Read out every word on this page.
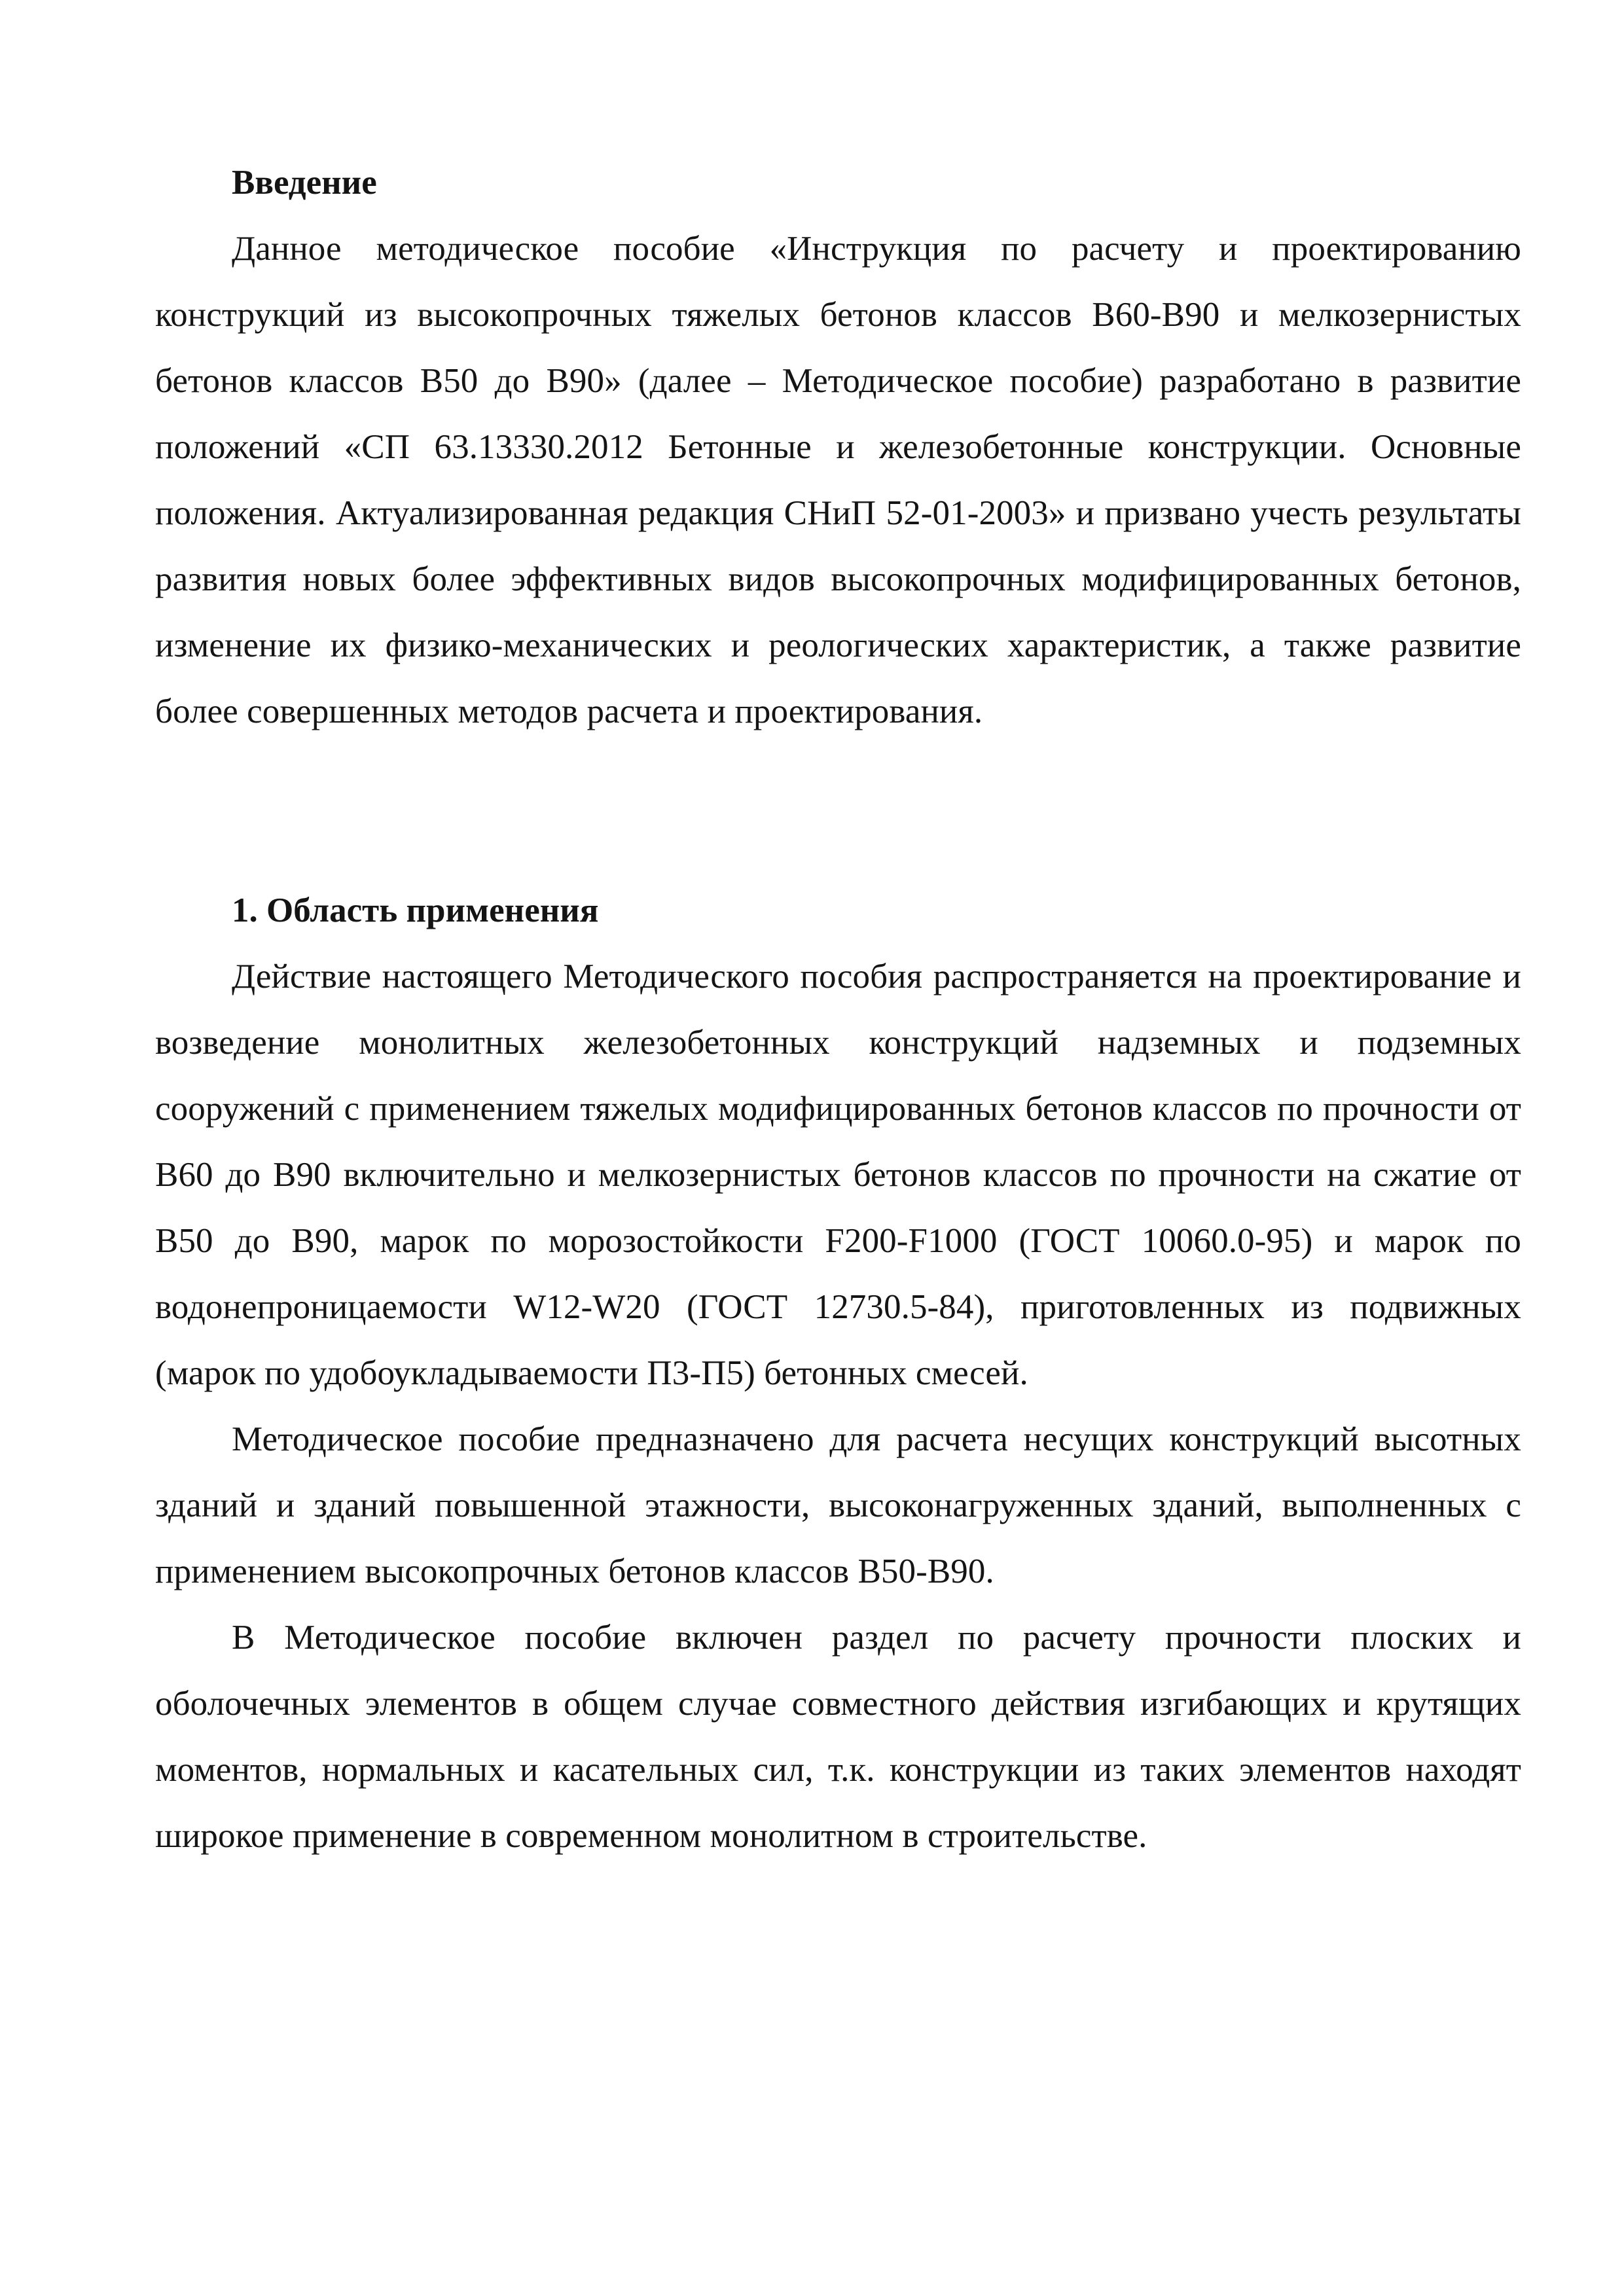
Введение

Данное методическое пособие «Инструкция по расчету и проектированию конструкций из высокопрочных тяжелых бетонов классов В60-В90 и мелкозернистых бетонов классов В50 до В90» (далее – Методическое пособие) разработано в развитие положений «СП 63.13330.2012 Бетонные и железобетонные конструкции. Основные положения. Актуализированная редакция СНиП 52-01-2003» и призвано учесть результаты развития новых более эффективных видов высокопрочных модифицированных бетонов, изменение их физико-механических и реологических характеристик, а также развитие более совершенных методов расчета и проектирования.

1. Область применения

Действие настоящего Методического пособия распространяется на проектирование и возведение монолитных железобетонных конструкций надземных и подземных сооружений с применением тяжелых модифицированных бетонов классов по прочности от В60 до В90 включительно и мелкозернистых бетонов классов по прочности на сжатие от В50 до В90, марок по морозостойкости F200-F1000 (ГОСТ 10060.0-95) и марок по водонепроницаемости W12-W20 (ГОСТ 12730.5-84), приготовленных из подвижных (марок по удобоукладываемости П3-П5) бетонных смесей.

Методическое пособие предназначено для расчета несущих конструкций высотных зданий и зданий повышенной этажности, высоконагруженных зданий, выполненных с применением высокопрочных бетонов классов В50-В90.

В Методическое пособие включен раздел по расчету прочности плоских и оболочечных элементов в общем случае совместного действия изгибающих и крутящих моментов, нормальных и касательных сил, т.к. конструкции из таких элементов находят широкое применение в современном монолитном в строительстве.
